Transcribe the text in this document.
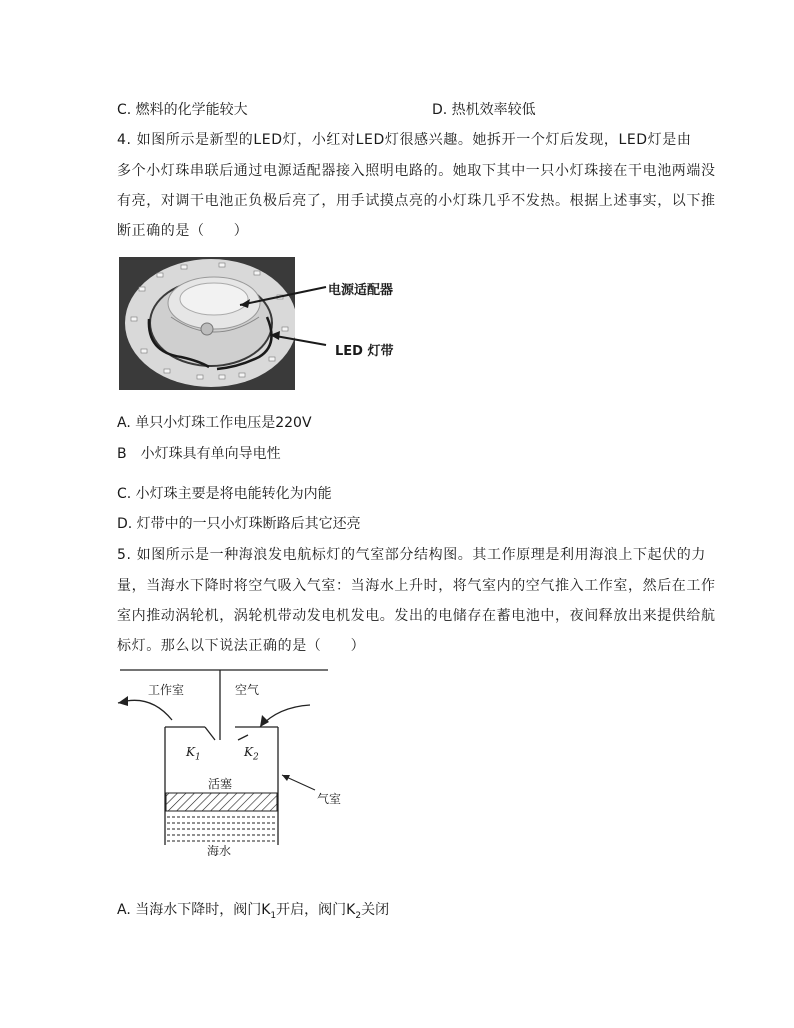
C. 燃料的化学能较大	D. 热机效率较低
4. 如图所示是新型的LED灯，小红对LED灯很感兴趣。她拆开一个灯后发现，LED灯是由
多个小灯珠串联后通过电源适配器接入照明电路的。她取下其中一只小灯珠接在干电池两端没
有亮，对调干电池正负极后亮了，用手试摸点亮的小灯珠几乎不发热。根据上述事实，以下推
断正确的是（　　）
电源适配器
LED 灯带
A. 单只小灯珠工作电压是220V
B　小灯珠具有单向导电性
C. 小灯珠主要是将电能转化为内能
D. 灯带中的一只小灯珠断路后其它还亮
5. 如图所示是一种海浪发电航标灯的气室部分结构图。其工作原理是利用海浪上下起伏的力
量，当海水下降时将空气吸入气室：当海水上升时，将气室内的空气推入工作室，然后在工作
室内推动涡轮机，涡轮机带动发电机发电。发出的电储存在蓄电池中，夜间释放出来提供给航
标灯。那么以下说法正确的是（　　）
工作室	空气
$K_1$	$K_2$
活塞
气室
海水
A. 当海水下降时，阀门$K_1$开启，阀门$K_2$关闭
